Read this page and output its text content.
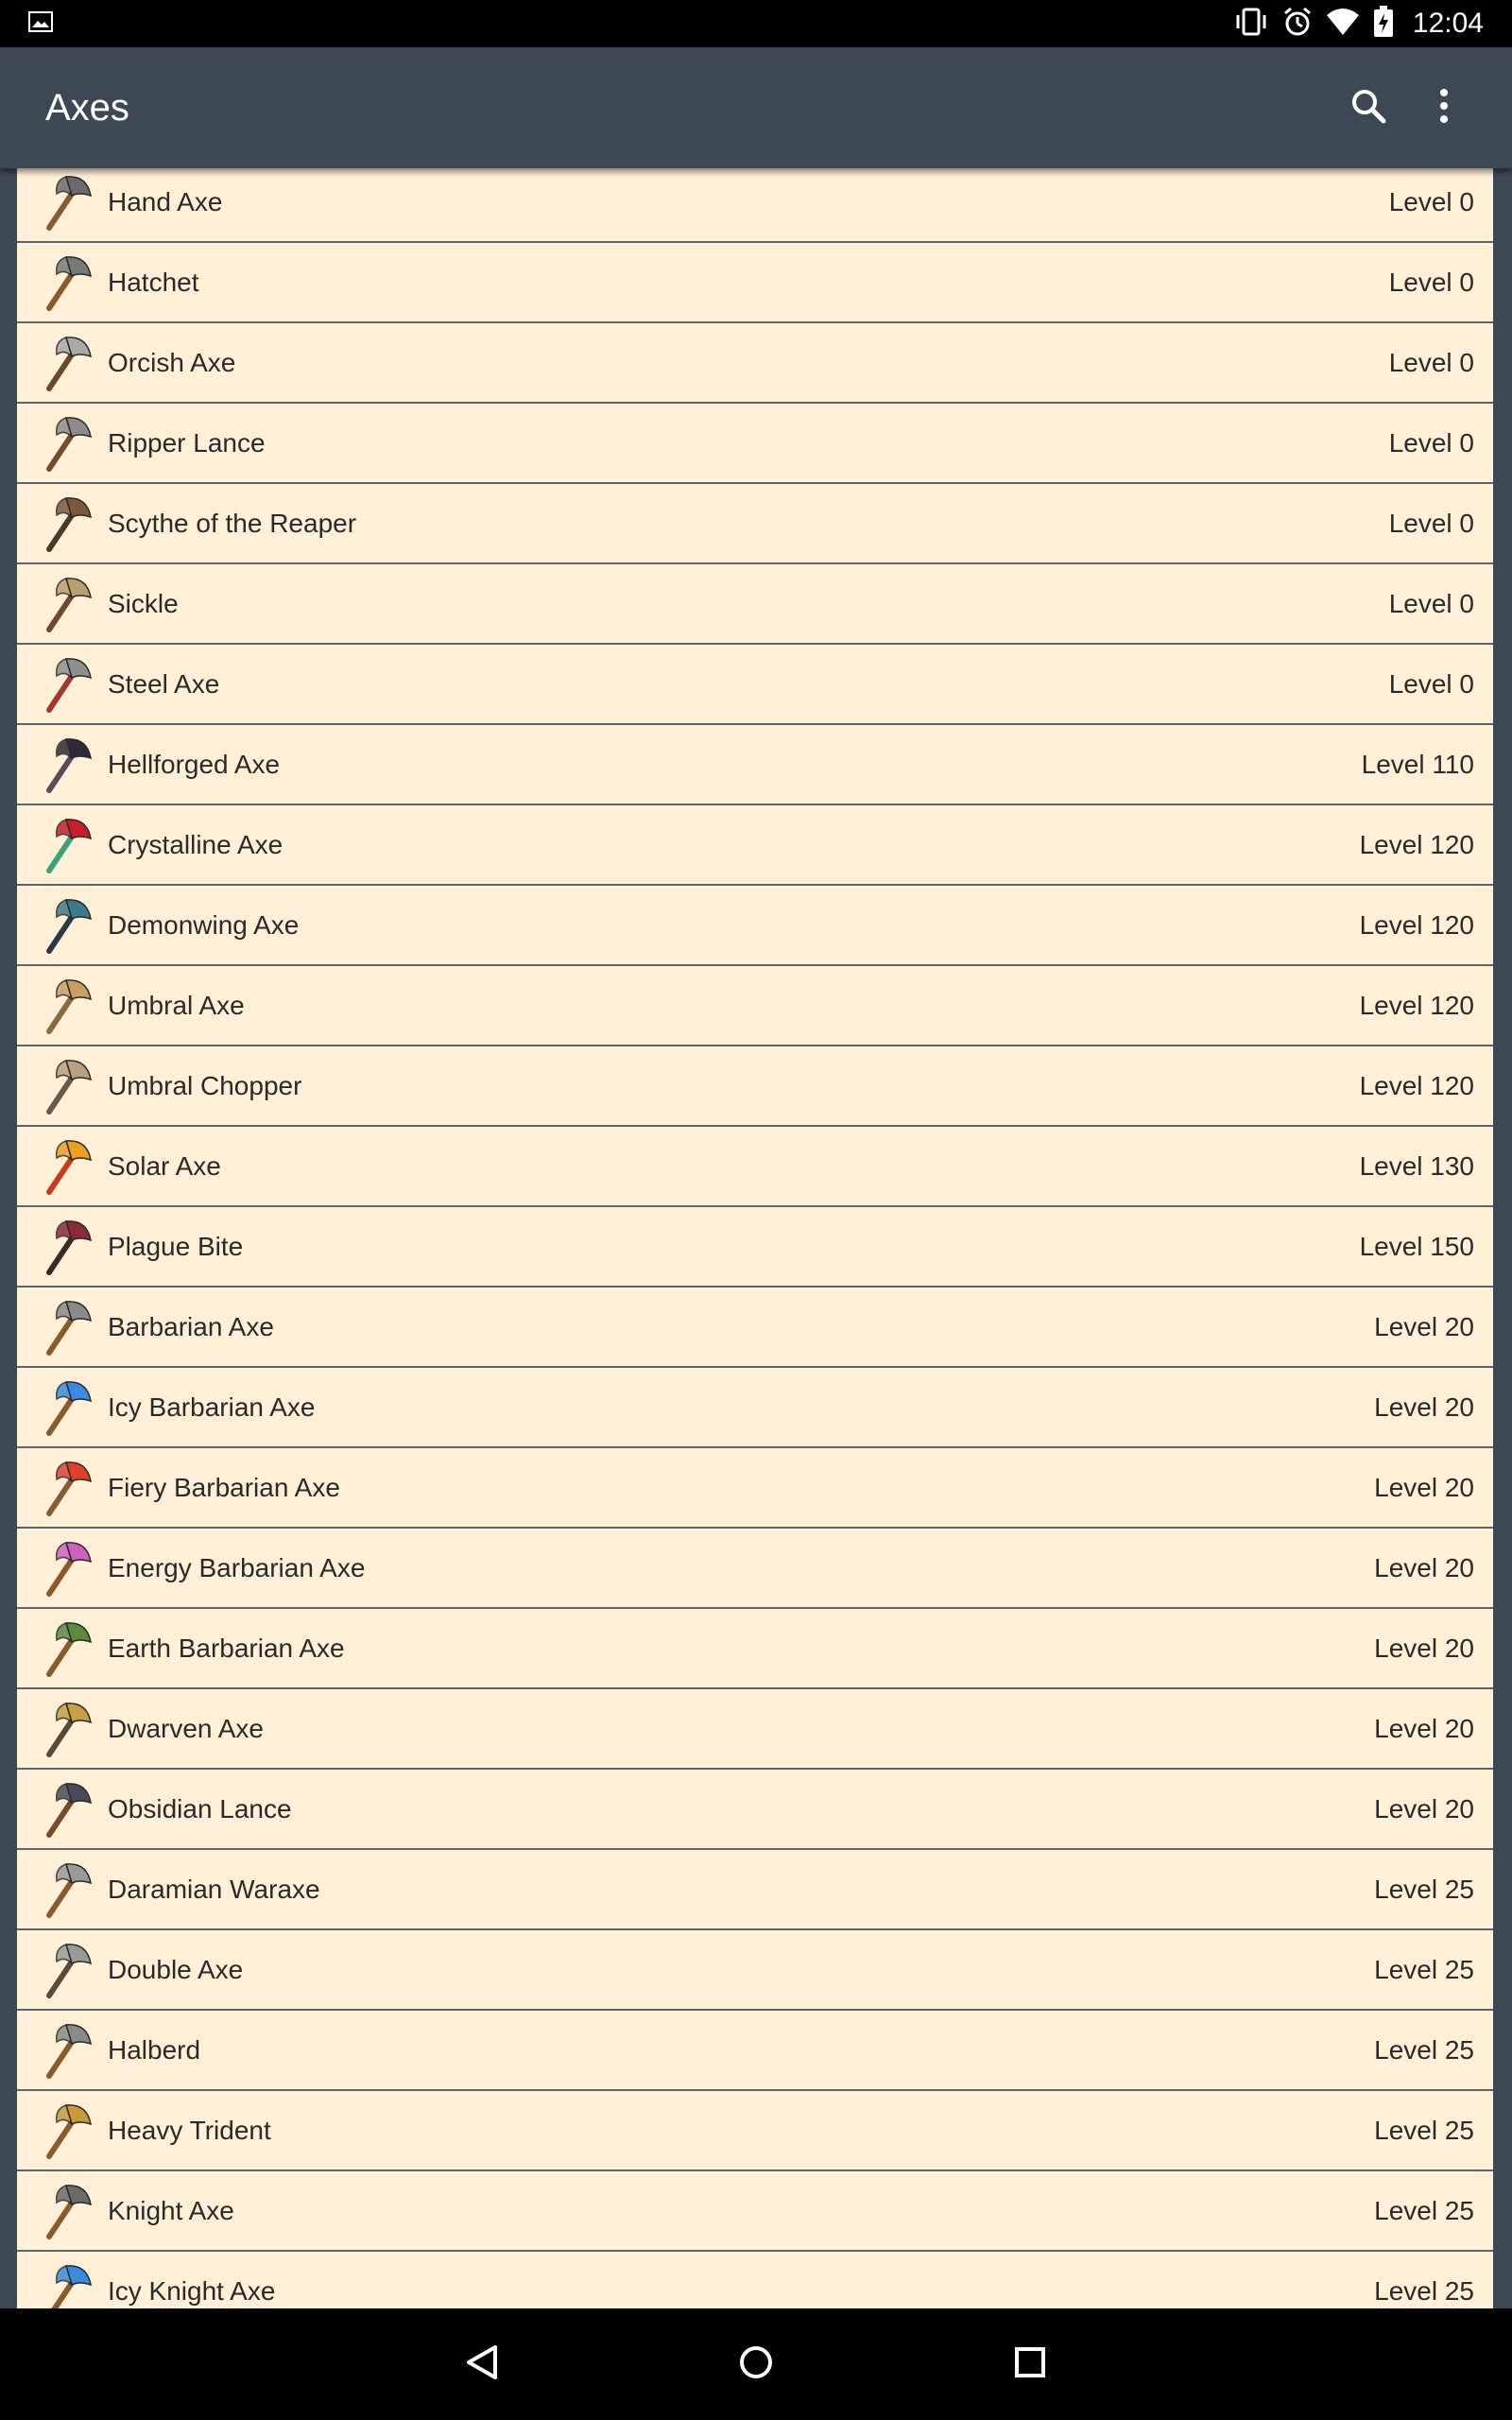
12:04
Axes
Hand Axe	Level 0
Hatchet	Level 0
Orcish Axe	Level 0
Ripper Lance	Level 0
Scythe of the Reaper	Level 0
Sickle	Level 0
Steel Axe	Level 0
Hellforged Axe	Level 110
Crystalline Axe	Level 120
Demonwing Axe	Level 120
Umbral Axe	Level 120
Umbral Chopper	Level 120
Solar Axe	Level 130
Plague Bite	Level 150
Barbarian Axe	Level 20
Icy Barbarian Axe	Level 20
Fiery Barbarian Axe	Level 20
Energy Barbarian Axe	Level 20
Earth Barbarian Axe	Level 20
Dwarven Axe	Level 20
Obsidian Lance	Level 20
Daramian Waraxe	Level 25
Double Axe	Level 25
Halberd	Level 25
Heavy Trident	Level 25
Knight Axe	Level 25
Icy Knight Axe	Level 25
